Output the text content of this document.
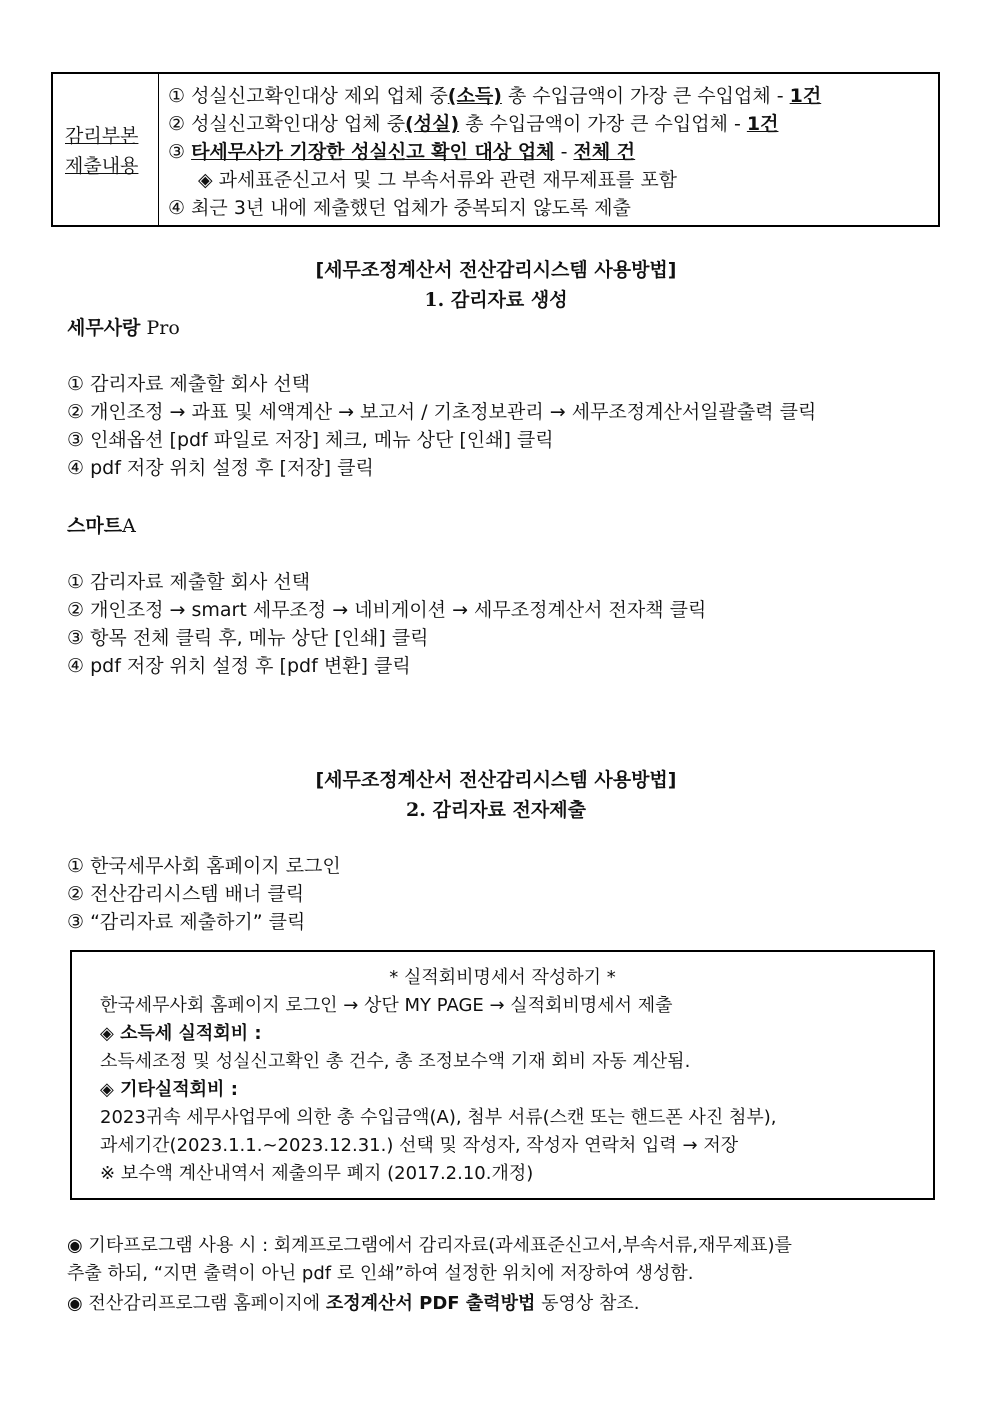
감리부본
제출내용
① 성실신고확인대상 제외 업체 중(소득) 총 수입금액이 가장 큰 수입업체 - 1건
② 성실신고확인대상 업체 중(성실) 총 수입금액이 가장 큰 수입업체 - 1건
③ 타세무사가 기장한 성실신고 확인 대상 업체 - 전체 건
◈ 과세표준신고서 및 그 부속서류와 관련 재무제표를 포함
④ 최근 3년 내에 제출했던 업체가 중복되지 않도록 제출
[세무조정계산서 전산감리시스템 사용방법]
1. 감리자료 생성
세무사랑 Pro
① 감리자료 제출할 회사 선택
② 개인조정 → 과표 및 세액계산 → 보고서 / 기초정보관리 → 세무조정계산서일괄출력 클릭
③ 인쇄옵션 [pdf 파일로 저장] 체크, 메뉴 상단 [인쇄] 클릭
④ pdf 저장 위치 설정 후 [저장] 클릭
스마트A
① 감리자료 제출할 회사 선택
② 개인조정 → smart 세무조정 → 네비게이션 → 세무조정계산서 전자책 클릭
③ 항목 전체 클릭 후, 메뉴 상단 [인쇄] 클릭
④ pdf 저장 위치 설정 후 [pdf 변환] 클릭
[세무조정계산서 전산감리시스템 사용방법]
2. 감리자료 전자제출
① 한국세무사회 홈페이지 로그인
② 전산감리시스템 배너 클릭
③ “감리자료 제출하기” 클릭
* 실적회비명세서 작성하기 *
한국세무사회 홈페이지 로그인 → 상단 MY PAGE → 실적회비명세서 제출
◈ 소득세 실적회비 :
소득세조정 및 성실신고확인 총 건수, 총 조정보수액 기재 회비 자동 계산됨.
◈ 기타실적회비 :
2023귀속 세무사업무에 의한 총 수입금액(A), 첨부 서류(스캔 또는 핸드폰 사진 첨부),
과세기간(2023.1.1.~2023.12.31.) 선택 및 작성자, 작성자 연락처 입력 → 저장
※ 보수액 계산내역서 제출의무 폐지 (2017.2.10.개정)
◉ 기타프로그램 사용 시 : 회계프로그램에서 감리자료(과세표준신고서,부속서류,재무제표)를
추출 하되, “지면 출력이 아닌 pdf 로 인쇄”하여 설정한 위치에 저장하여 생성함.
◉ 전산감리프로그램 홈페이지에 조정계산서 PDF 출력방법 동영상 참조.
